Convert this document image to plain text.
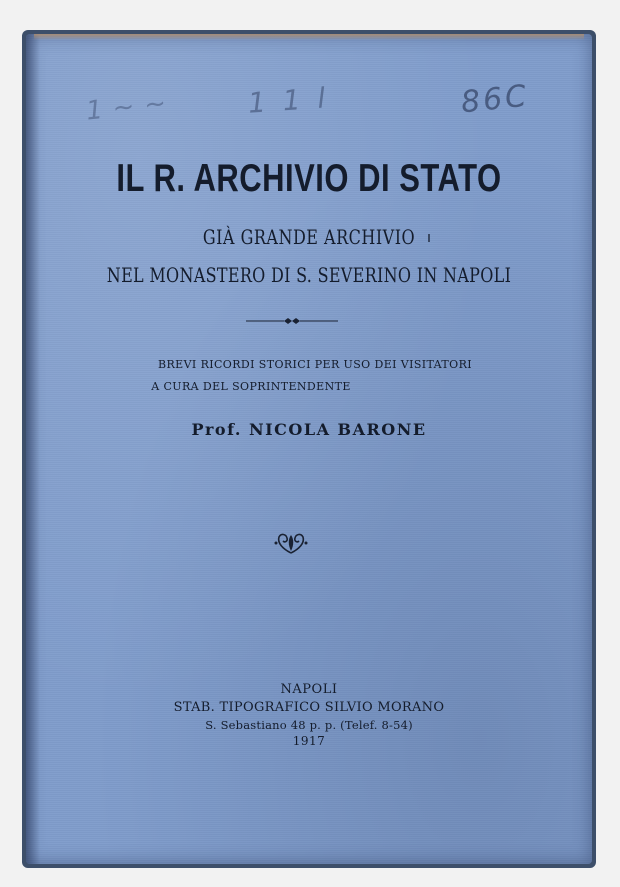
1~~ 1 1 l	86C
IL R. ARCHIVIO DI STATO
GIÀ GRANDE ARCHIVIO
NEL MONASTERO DI S. SEVERINO IN NAPOLI
BREVI RICORDI STORICI PER USO DEI VISITATORI
A CURA DEL SOPRINTENDENTE
Prof. NICOLA BARONE
NAPOLI
STAB. TIPOGRAFICO SILVIO MORANO
S. Sebastiano 48 p. p. (Telef. 8-54)
1917
